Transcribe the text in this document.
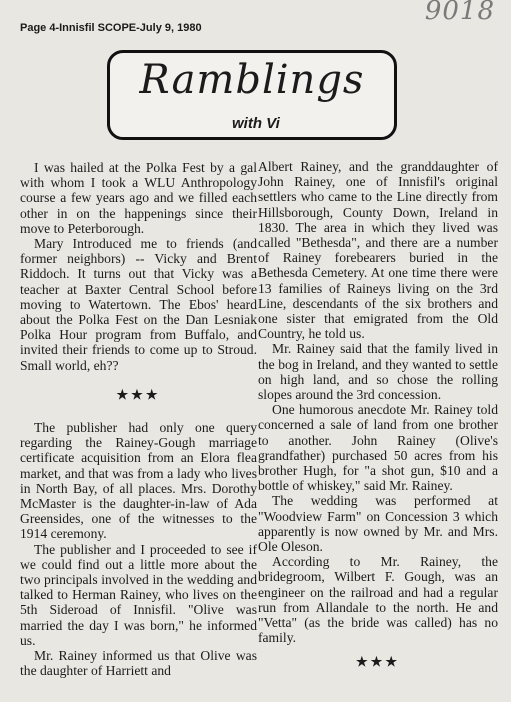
9018
Page 4-Innisfil SCOPE-July 9, 1980
Ramblings
with Vi

I was hailed at the Polka Fest by a gal with whom I took a WLU Anthropology course a few years ago and we filled each other in on the happenings since their move to Peterborough.

Mary Introduced me to friends (and former neighbors) -- Vicky and Brent Riddoch. It turns out that Vicky was a teacher at Baxter Central School before moving to Watertown. The Ebos' heard about the Polka Fest on the Dan Lesniak Polka Hour program from Buffalo, and invited their friends to come up to Stroud. Small world, eh??

★★★

The publisher had only one query regarding the Rainey-Gough marriage certificate acquisition from an Elora flea market, and that was from a lady who lives in North Bay, of all places. Mrs. Dorothy McMaster is the daughter-in-law of Ada Greensides, one of the witnesses to the 1914 ceremony.

The publisher and I proceeded to see if we could find out a little more about the two principals involved in the wedding and talked to Herman Rainey, who lives on the 5th Sideroad of Innisfil. "Olive was married the day I was born," he informed us.

Mr. Rainey informed us that Olive was the daughter of Harriett and

Albert Rainey, and the granddaughter of John Rainey, one of Innisfil's original settlers who came to the Line directly from Hillsborough, County Down, Ireland in 1830. The area in which they lived was called "Bethesda", and there are a number of Rainey forebearers buried in the Bethesda Cemetery. At one time there were 13 families of Raineys living on the 3rd Line, descendants of the six brothers and one sister that emigrated from the Old Country, he told us.

Mr. Rainey said that the family lived in the bog in Ireland, and they wanted to settle on high land, and so chose the rolling slopes around the 3rd concession.

One humorous anecdote Mr. Rainey told concerned a sale of land from one brother to another. John Rainey (Olive's grandfather) purchased 50 acres from his brother Hugh, for "a shot gun, $10 and a bottle of whiskey," said Mr. Rainey.

The wedding was performed at "Woodview Farm" on Concession 3 which apparently is now owned by Mr. and Mrs. Ole Oleson.

According to Mr. Rainey, the bridegroom, Wilbert F. Gough, was an engineer on the railroad and had a regular run from Allandale to the north. He and "Vetta" (as the bride was called) has no family.

★★★
